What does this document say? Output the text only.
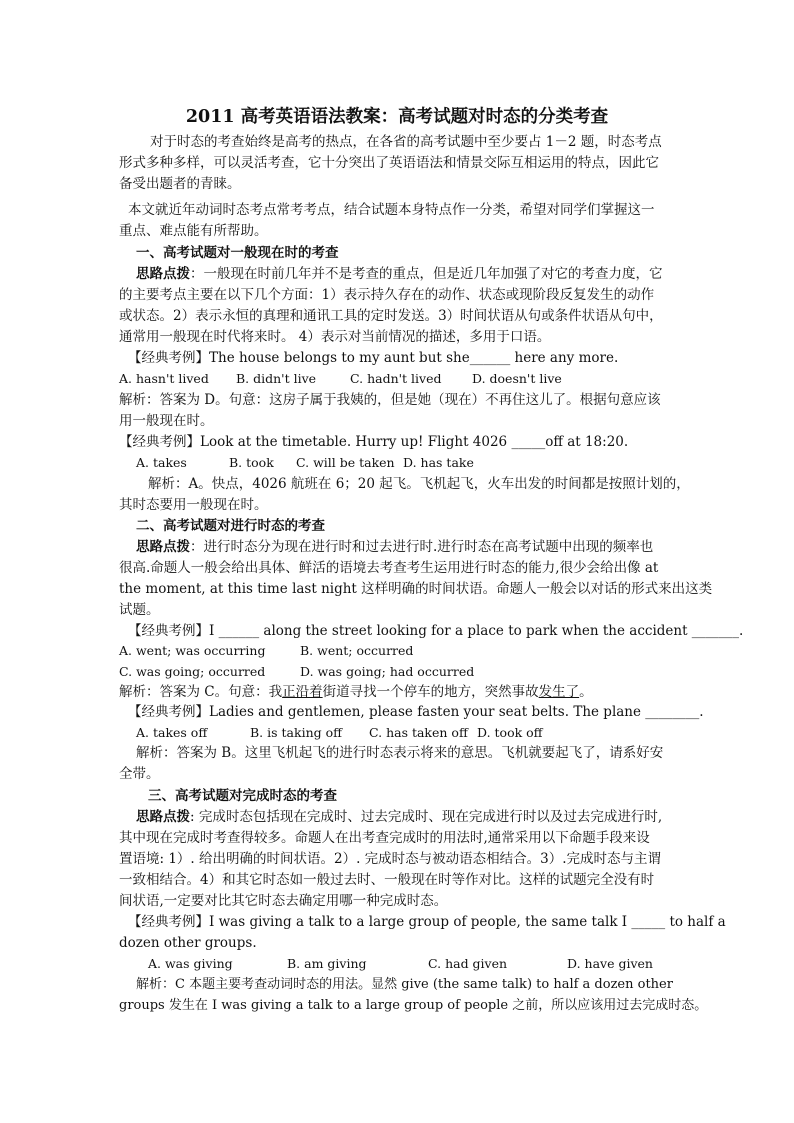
2011 高考英语语法教案：高考试题对时态的分类考查
对于时态的考查始终是高考的热点，在各省的高考试题中至少要占 1－2 题，时态考点
形式多种多样，可以灵活考查，它十分突出了英语语法和情景交际互相运用的特点，因此它
备受出题者的青睐。
本文就近年动词时态考点常考考点，结合试题本身特点作一分类，希望对同学们掌握这一
重点、难点能有所帮助。
一、高考试题对一般现在时的考查
思路点拨：一般现在时前几年并不是考查的重点，但是近几年加强了对它的考查力度，它
的主要考点主要在以下几个方面：1）表示持久存在的动作、状态或现阶段反复发生的动作
或状态。2）表示永恒的真理和通讯工具的定时发送。3）时间状语从句或条件状语从句中，
通常用一般现在时代将来时。 4）表示对当前情况的描述，多用于口语。
【经典考例】The house belongs to my aunt but she______ here any more.
A. hasn't lived B. didn't live	C. hadn't lived D. doesn't live
解析：答案为 D。句意：这房子属于我姨的，但是她（现在）不再住这儿了。根据句意应该
用一般现在时。
【经典考例】Look at the timetable. Hurry up! Flight 4026 _____off at 18:20.
A. takes	B. took C. will be taken D. has take
解析：A。快点，4026 航班在 6；20 起飞。飞机起飞，火车出发的时间都是按照计划的，
其时态要用一般现在时。
二、高考试题对进行时态的考查
思路点拨：进行时态分为现在进行时和过去进行时.进行时态在高考试题中出现的频率也
很高.命题人一般会给出具体、鲜活的语境去考查考生运用进行时态的能力,很少会给出像 at
the moment, at this time last night 这样明确的时间状语。命题人一般会以对话的形式来出这类
试题。
【经典考例】I ______ along the street looking for a place to park when the accident _______.
A. went; was occurring	B. went; occurred
C. was going; occurred	D. was going; had occurred
解析：答案为 C。句意：我正沿着街道寻找一个停车的地方，突然事故发生了。
【经典考例】Ladies and gentlemen, please fasten your seat belts. The plane ________.
A. takes off	B. is taking off C. has taken off D. took off
解析：答案为 B。这里飞机起飞的进行时态表示将来的意思。飞机就要起飞了，请系好安
全带。
三、高考试题对完成时态的考查
思路点拨: 完成时态包括现在完成时、过去完成时、现在完成进行时以及过去完成进行时,
其中现在完成时考查得较多。命题人在出考查完成时的用法时,通常采用以下命题手段来设
置语境: 1）. 给出明确的时间状语。2）. 完成时态与被动语态相结合。3）.完成时态与主谓
一致相结合。4）和其它时态如一般过去时、一般现在时等作对比。这样的试题完全没有时
间状语,一定要对比其它时态去确定用哪一种完成时态。
【经典考例】I was giving a talk to a large group of people, the same talk I _____ to half a
dozen other groups.
A. was giving	B. am giving	C. had given	D. have given
解析：C 本题主要考查动词时态的用法。显然 give (the same talk) to half a dozen other
groups 发生在 I was giving a talk to a large group of people 之前，所以应该用过去完成时态。
